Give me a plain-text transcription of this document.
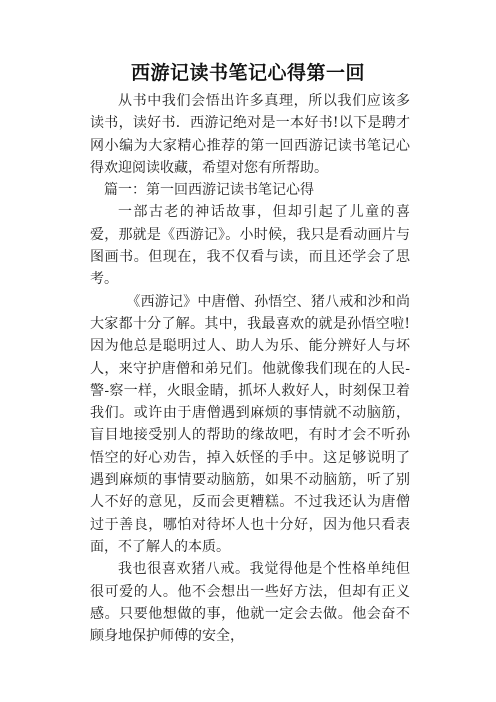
西游记读书笔记心得第一回

从书中我们会悟出许多真理，所以我们应该多读书，读好书．西游记绝对是一本好书!以下是聘才网小编为大家精心推荐的第一回西游记读书笔记心得欢迎阅读收藏，希望对您有所帮助。

篇一：第一回西游记读书笔记心得

一部古老的神话故事，但却引起了儿童的喜爱，那就是《西游记》。小时候，我只是看动画片与图画书。但现在，我不仅看与读，而且还学会了思考。

《西游记》中唐僧、孙悟空、猪八戒和沙和尚大家都十分了解。其中，我最喜欢的就是孙悟空啦!因为他总是聪明过人、助人为乐、能分辨好人与坏人，来守护唐僧和弟兄们。他就像我们现在的人民-警-察一样，火眼金睛，抓坏人救好人，时刻保卫着我们。或许由于唐僧遇到麻烦的事情就不动脑筋，盲目地接受别人的帮助的缘故吧，有时才会不听孙悟空的好心劝告，掉入妖怪的手中。这足够说明了遇到麻烦的事情要动脑筋，如果不动脑筋，听了别人不好的意见，反而会更糟糕。不过我还认为唐僧过于善良，哪怕对待坏人也十分好，因为他只看表面，不了解人的本质。

我也很喜欢猪八戒。我觉得他是个性格单纯但很可爱的人。他不会想出一些好方法，但却有正义感。只要他想做的事，他就一定会去做。他会奋不顾身地保护师傅的安全，
